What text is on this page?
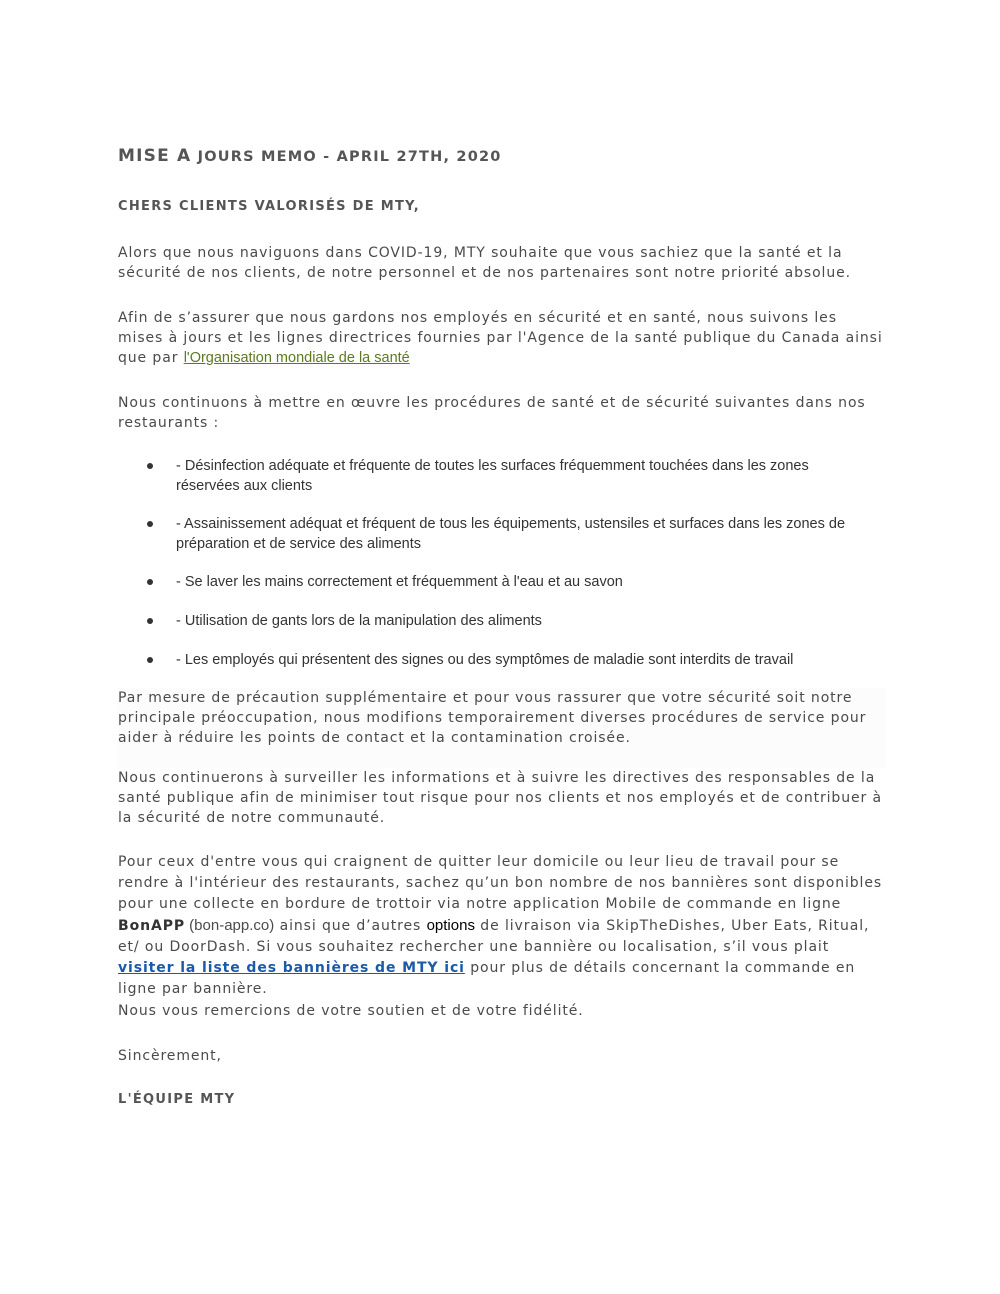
MISE A JOURS MEMO - APRIL 27TH, 2020
CHERS CLIENTS VALORISÉS DE MTY,

Alors que nous naviguons dans COVID-19, MTY souhaite que vous sachiez que la santé et la sécurité de nos clients, de notre personnel et de nos partenaires sont notre priorité absolue.

Afin de s’assurer que nous gardons nos employés en sécurité et en santé, nous suivons les mises à jours et les lignes directrices fournies par l'Agence de la santé publique du Canada ainsi que par l'Organisation mondiale de la santé

Nous continuons à mettre en œuvre les procédures de santé et de sécurité suivantes dans nos restaurants :

- Désinfection adéquate et fréquente de toutes les surfaces fréquemment touchées dans les zones réservées aux clients
- Assainissement adéquat et fréquent de tous les équipements, ustensiles et surfaces dans les zones de préparation et de service des aliments
- Se laver les mains correctement et fréquemment à l'eau et au savon
- Utilisation de gants lors de la manipulation des aliments
- Les employés qui présentent des signes ou des symptômes de maladie sont interdits de travail

Par mesure de précaution supplémentaire et pour vous rassurer que votre sécurité soit notre principale préoccupation, nous modifions temporairement diverses procédures de service pour aider à réduire les points de contact et la contamination croisée.

Nous continuerons à surveiller les informations et à suivre les directives des responsables de la santé publique afin de minimiser tout risque pour nos clients et nos employés et de contribuer à la sécurité de notre communauté.

Pour ceux d'entre vous qui craignent de quitter leur domicile ou leur lieu de travail pour se rendre à l'intérieur des restaurants, sachez qu’un bon nombre de nos bannières sont disponibles pour une collecte en bordure de trottoir via notre application Mobile de commande en ligne BonAPP (bon-app.co) ainsi que d’autres options de livraison via SkipTheDishes, Uber Eats, Ritual, et/ ou DoorDash. Si vous souhaitez rechercher une bannière ou localisation, s’il vous plait visiter la liste des bannières de MTY ici pour plus de détails concernant la commande en ligne par bannière.

Nous vous remercions de votre soutien et de votre fidélité.

Sincèrement,

L'ÉQUIPE MTY
